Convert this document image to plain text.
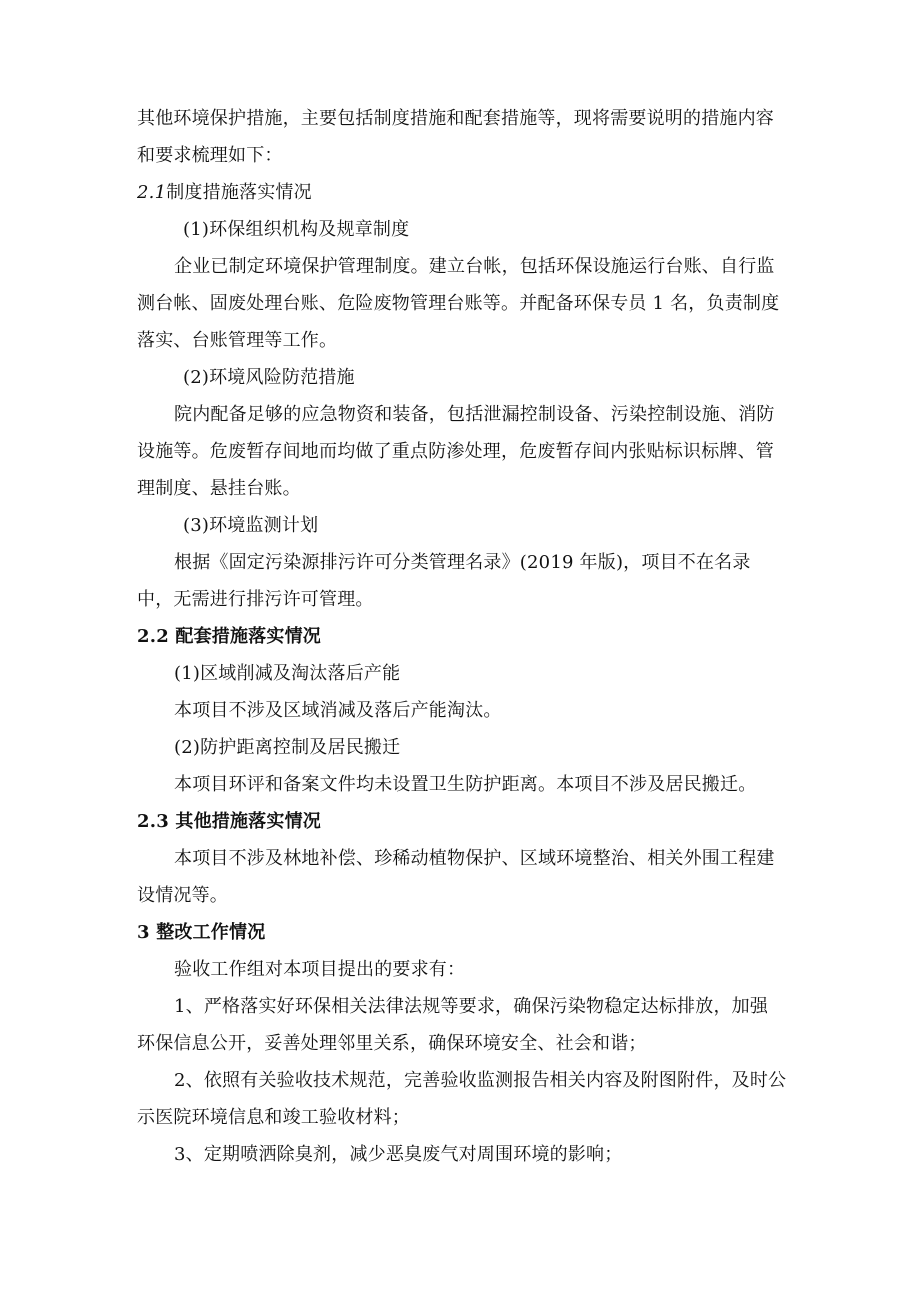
其他环境保护措施，主要包括制度措施和配套措施等，现将需要说明的措施内容
和要求梳理如下：
2.1制度措施落实情况
(1)环保组织机构及规章制度
企业已制定环境保护管理制度。建立台帐，包括环保设施运行台账、自行监
测台帐、固废处理台账、危险废物管理台账等。并配备环保专员 1 名，负责制度
落实、台账管理等工作。
(2)环境风险防范措施
院内配备足够的应急物资和装备，包括泄漏控制设备、污染控制设施、消防
设施等。危废暂存间地而均做了重点防渗处理，危废暂存间内张贴标识标牌、管
理制度、悬挂台账。
(3)环境监测计划
根据《固定污染源排污许可分类管理名录》(2019 年版)，项目不在名录
中，无需进行排污许可管理。
2.2 配套措施落实情况
(1)区域削减及淘汰落后产能
本项目不涉及区域消减及落后产能淘汰。
(2)防护距离控制及居民搬迁
本项目环评和备案文件均未设置卫生防护距离。本项目不涉及居民搬迁。
2.3 其他措施落实情况
本项目不涉及林地补偿、珍稀动植物保护、区域环境整治、相关外围工程建
设情况等。
3 整改工作情况
验收工作组对本项目提出的要求有：
1、严格落实好环保相关法律法规等要求，确保污染物稳定达标排放，加强
环保信息公开，妥善处理邻里关系，确保环境安全、社会和谐；
2、依照有关验收技术规范，完善验收监测报告相关内容及附图附件，及时公
示医院环境信息和竣工验收材料；
3、定期喷洒除臭剂，减少恶臭废气对周围环境的影响；
